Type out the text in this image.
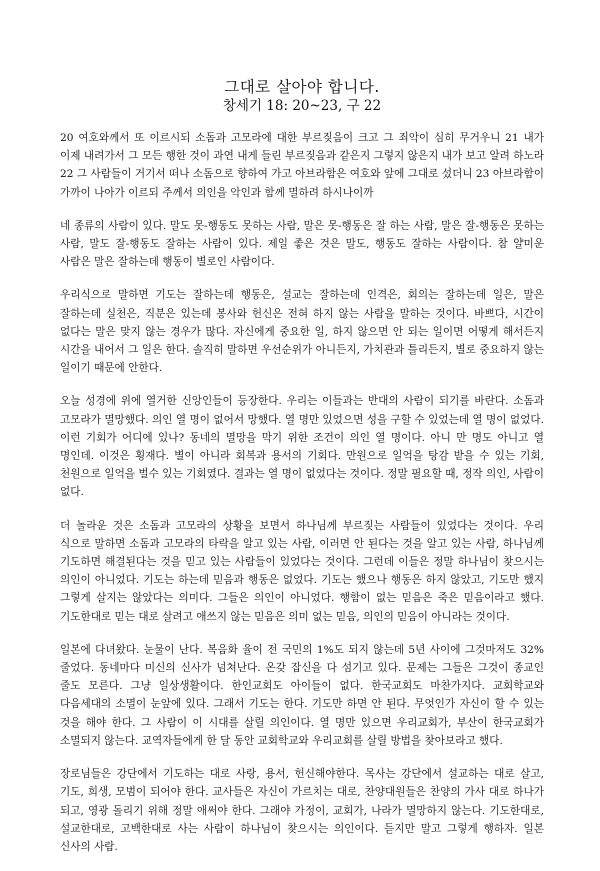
그대로 살아야 합니다.
창세기 18: 20~23, 구 22

20 여호와께서 또 이르시되 소돔과 고모라에 대한 부르짖음이 크고 그 죄악이 심히 무거우니 21 내가 이제 내려가서 그 모든 행한 것이 과연 내게 들린 부르짖음과 같은지 그렇지 않은지 내가 보고 알려 하노라 22 그 사람들이 거기서 떠나 소돔으로 향하여 가고 아브라함은 여호와 앞에 그대로 섰더니 23 아브라함이 가까이 나아가 이르되 주께서 의인을 악인과 함께 멸하려 하시나이까

네 종류의 사람이 있다. 말도 못-행동도 못하는 사람, 말은 못-행동은 잘 하는 사람, 말은 잘-행동은 못하는 사람, 말도 잘-행동도 잘하는 사람이 있다. 제일 좋은 것은 말도, 행동도 잘하는 사람이다. 참 얄미운 사람은 말은 잘하는데 행동이 별로인 사람이다.

우리식으로 말하면 기도는 잘하는데 행동은, 설교는 잘하는데 인격은, 회의는 잘하는데 일은, 말은 잘하는데 실천은, 직분은 있는데 봉사와 헌신은 전혀 하지 않는 사람을 말하는 것이다. 바쁘다, 시간이 없다는 말은 맞지 않는 경우가 많다. 자신에게 중요한 일, 하지 않으면 안 되는 일이면 어떻게 해서든지 시간을 내어서 그 일은 한다. 솔직히 말하면 우선순위가 아니든지, 가치관과 틀리든지, 별로 중요하지 않는 일이기 때문에 안한다.

오늘 성경에 위에 열거한 신앙인들이 등장한다. 우리는 이들과는 반대의 사람이 되기를 바란다. 소돔과 고모라가 멸망했다. 의인 열 명이 없어서 망했다. 열 명만 있었으면 성을 구할 수 있었는데 열 명이 없었다. 이런 기회가 어디에 있나? 동네의 멸망을 막기 위한 조건이 의인 열 명이다. 아니 만 명도 아니고 열 명인데. 이것은 횡재다. 별이 아니라 회복과 용서의 기회다. 만원으로 일억을 탕감 받을 수 있는 기회, 천원으로 일억을 벌수 있는 기회였다. 결과는 열 명이 없었다는 것이다. 정말 필요할 때, 정작 의인, 사람이 없다.

더 놀라운 것은 소돔과 고모라의 상황을 보면서 하나님께 부르짖는 사람들이 있었다는 것이다. 우리 식으로 말하면 소돔과 고모라의 타락을 알고 있는 사람, 이러면 안 된다는 것을 알고 있는 사람, 하나님께 기도하면 해결된다는 것을 믿고 있는 사람들이 있었다는 것이다. 그런데 이들은 정말 하나님이 찾으시는 의인이 아니었다. 기도는 하는데 믿음과 행동은 없었다. 기도는 했으나 행동은 하지 않았고, 기도만 했지 그렇게 살지는 않았다는 의미다. 그들은 의인이 아니었다. 행함이 없는 믿음은 죽은 믿음이라고 했다. 기도한대로 믿는 대로 살려고 애쓰지 않는 믿음은 의미 없는 믿음, 의인의 믿음이 아니라는 것이다.

일본에 다녀왔다. 눈물이 난다. 복음화 율이 전 국민의 1%도 되지 않는데 5년 사이에 그것마저도 32%줄었다. 동네마다 미신의 신사가 넘쳐난다. 온갖 잡신을 다 섬기고 있다. 문제는 그들은 그것이 종교인 줄도 모른다. 그냥 일상생활이다. 한인교회도 아이들이 없다. 한국교회도 마찬가지다. 교회학교와 다음세대의 소멸이 눈앞에 있다. 그래서 기도는 한다. 기도만 하면 안 된다. 무엇인가 자신이 할 수 있는 것을 해야 한다. 그 사람이 이 시대를 살릴 의인이다. 열 명만 있으면 우리교회가, 부산이 한국교회가 소멸되지 않는다. 교역자들에게 한 달 동안 교회학교와 우리교회를 살릴 방법을 찾아보라고 했다.

장로님들은 강단에서 기도하는 대로 사랑, 용서, 헌신해야한다. 목사는 강단에서 설교하는 대로 살고, 기도, 희생, 모범이 되어야 한다. 교사들은 자신이 가르치는 대로, 찬양대원들은 찬양의 가사 대로 하나가 되고, 영광 돌리기 위해 정말 애써야 한다. 그래야 가정이, 교회가, 나라가 멸망하지 않는다. 기도한대로, 설교한대로, 고백한대로 사는 사람이 하나님이 찾으시는 의인이다. 듣지만 말고 그렇게 행하자. 일본 신사의 사람.
